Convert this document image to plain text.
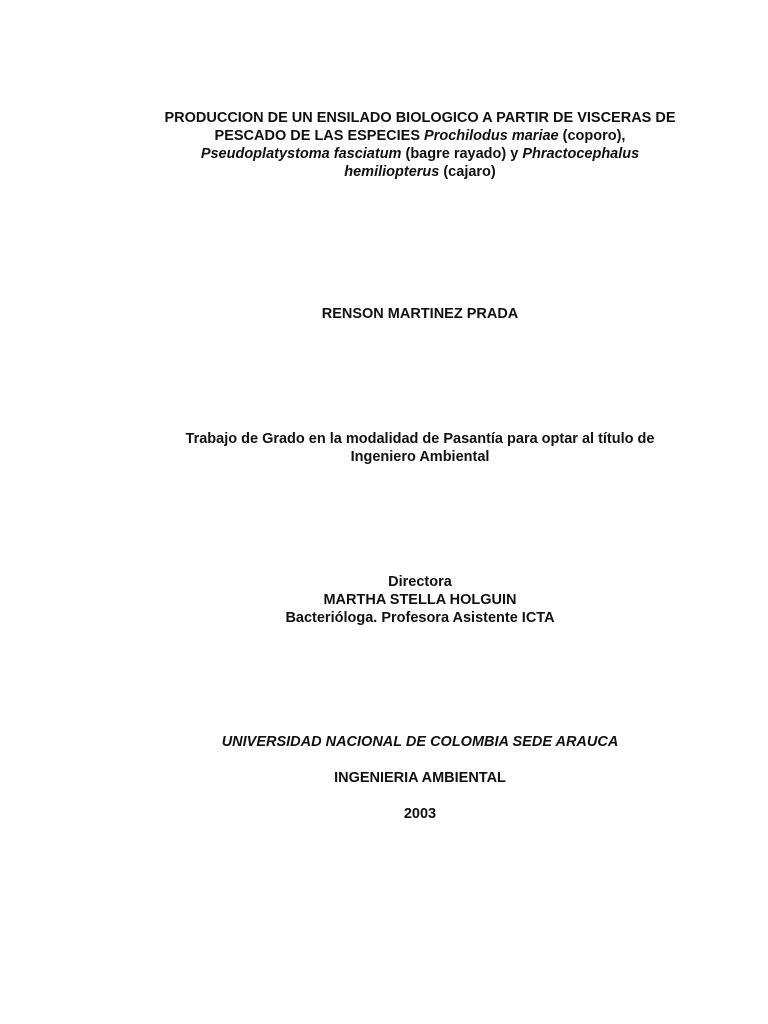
PRODUCCION DE UN ENSILADO BIOLOGICO A PARTIR DE VISCERAS DE
PESCADO DE LAS ESPECIES Prochilodus mariae (coporo),
Pseudoplatystoma fasciatum (bagre rayado) y Phractocephalus
hemiliopterus (cajaro)
RENSON MARTINEZ PRADA
Trabajo de Grado en la modalidad de Pasantía para optar al título de
Ingeniero Ambiental
Directora
MARTHA STELLA HOLGUIN
Bacterióloga. Profesora Asistente ICTA
UNIVERSIDAD NACIONAL DE COLOMBIA SEDE ARAUCA
INGENIERIA AMBIENTAL
2003
